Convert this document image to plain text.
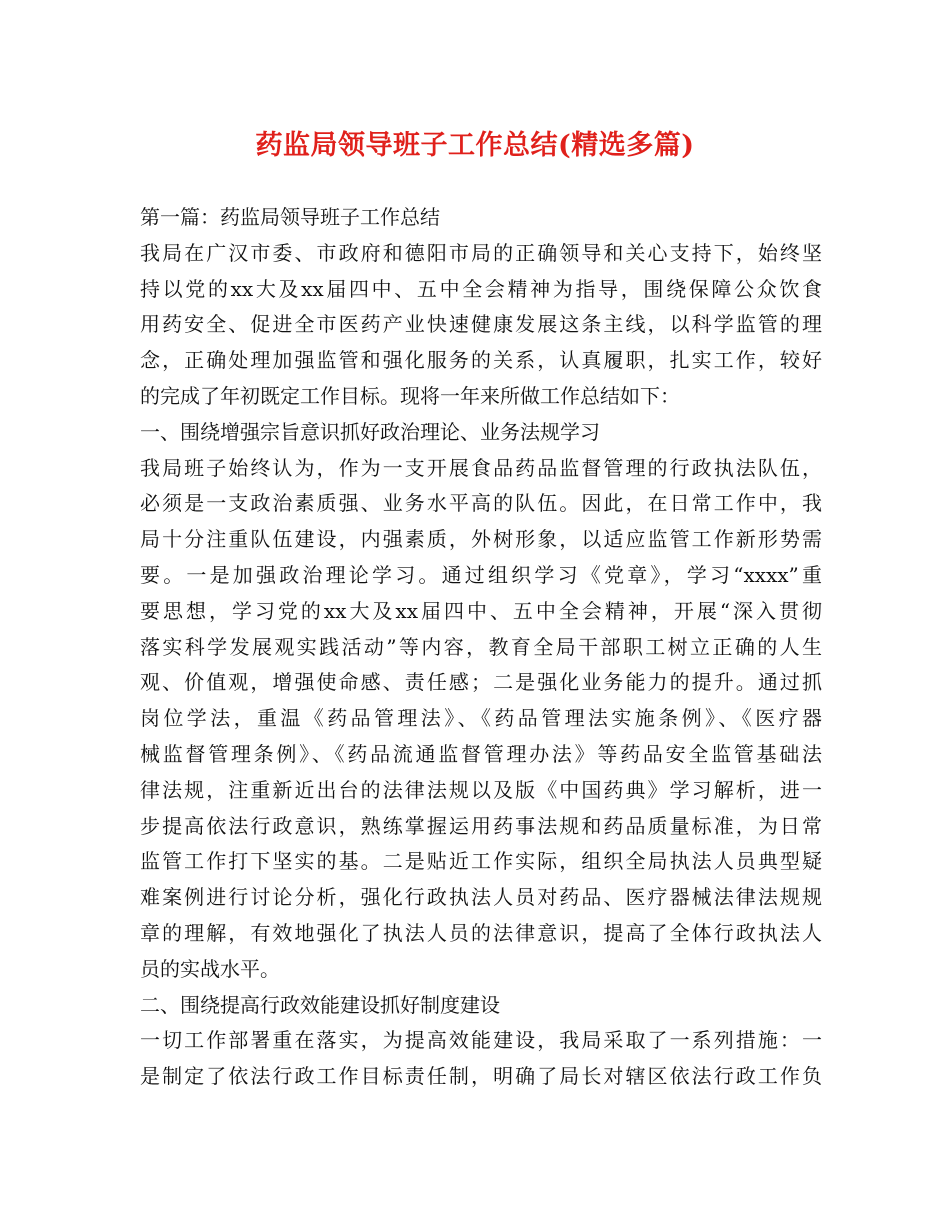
药监局领导班子工作总结(精选多篇)
第一篇：药监局领导班子工作总结
我局在广汉市委、市政府和德阳市局的正确领导和关心支持下，始终坚
持以党的xx大及xx届四中、五中全会精神为指导，围绕保障公众饮食
用药安全、促进全市医药产业快速健康发展这条主线，以科学监管的理
念，正确处理加强监管和强化服务的关系，认真履职，扎实工作，较好
的完成了年初既定工作目标。现将一年来所做工作总结如下：
一、围绕增强宗旨意识抓好政治理论、业务法规学习
我局班子始终认为，作为一支开展食品药品监督管理的行政执法队伍，
必须是一支政治素质强、业务水平高的队伍。因此，在日常工作中，我
局十分注重队伍建设，内强素质，外树形象，以适应监管工作新形势需
要。一是加强政治理论学习。通过组织学习《党章》，学习“xxxx”重
要思想，学习党的xx大及xx届四中、五中全会精神，开展“深入贯彻
落实科学发展观实践活动”等内容，教育全局干部职工树立正确的人生
观、价值观，增强使命感、责任感；二是强化业务能力的提升。通过抓
岗位学法，重温《药品管理法》、《药品管理法实施条例》、《医疗器
械监督管理条例》、《药品流通监督管理办法》等药品安全监管基础法
律法规，注重新近出台的法律法规以及版《中国药典》学习解析，进一
步提高依法行政意识，熟练掌握运用药事法规和药品质量标准，为日常
监管工作打下坚实的基。二是贴近工作实际，组织全局执法人员典型疑
难案例进行讨论分析，强化行政执法人员对药品、医疗器械法律法规规
章的理解，有效地强化了执法人员的法律意识，提高了全体行政执法人
员的实战水平。
二、围绕提高行政效能建设抓好制度建设
一切工作部署重在落实，为提高效能建设，我局采取了一系列措施：一
是制定了依法行政工作目标责任制，明确了局长对辖区依法行政工作负
